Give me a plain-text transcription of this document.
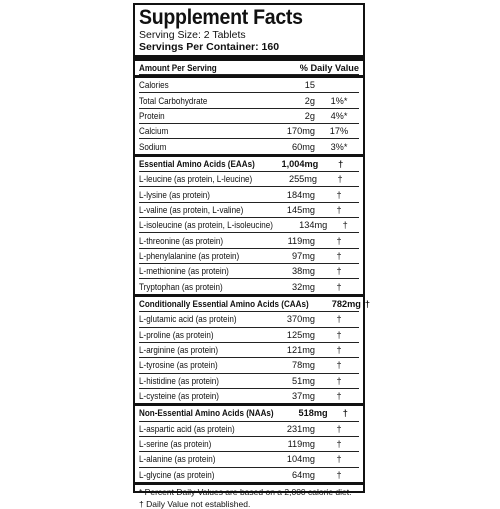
Supplement Facts
Serving Size: 2 Tablets
Servings Per Container: 160
Amount Per Serving	% Daily Value
Calories	15
Total Carbohydrate	2g	1%*
Protein	2g	4%*
Calcium	170mg	17%
Sodium	60mg	3%*
Essential Amino Acids (EAAs)	1,004mg	†
L-leucine (as protein, L-leucine)	255mg	†
L-lysine (as protein)	184mg	†
L-valine (as protein, L-valine)	145mg	†
L-isoleucine (as protein, L-isoleucine)	134mg	†
L-threonine (as protein)	119mg	†
L-phenylalanine (as protein)	97mg	†
L-methionine (as protein)	38mg	†
Tryptophan (as protein)	32mg	†
Conditionally Essential Amino Acids (CAAs)	782mg †
L-glutamic acid (as protein)	370mg	†
L-proline (as protein)	125mg	†
L-arginine (as protein)	121mg	†
L-tyrosine (as protein)	78mg	†
L-histidine (as protein)	51mg	†
L-cysteine (as protein)	37mg	†
Non-Essential Amino Acids (NAAs)	518mg	†
L-aspartic acid (as protein)	231mg	†
L-serine (as protein)	119mg	†
L-alanine (as protein)	104mg	†
L-glycine (as protein)	64mg	†
* Percent Daily Values are based on a 2,000 calorie diet.
† Daily Value not established.
